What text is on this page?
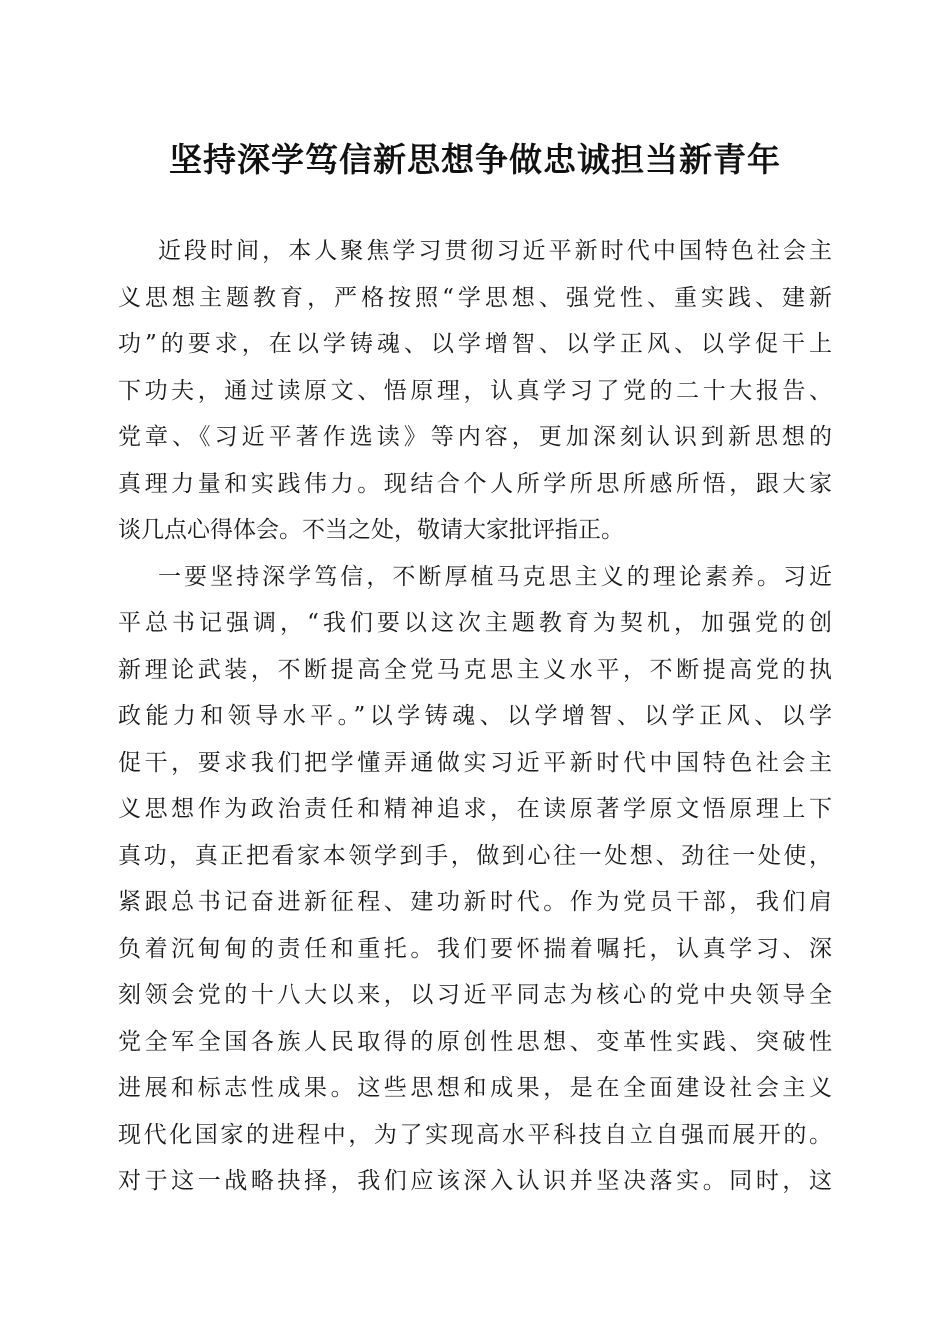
坚持深学笃信新思想争做忠诚担当新青年
近段时间，本人聚焦学习贯彻习近平新时代中国特色社会主
义思想主题教育，严格按照“学思想、强党性、重实践、建新
功”的要求，在以学铸魂、以学增智、以学正风、以学促干上
下功夫，通过读原文、悟原理，认真学习了党的二十大报告、
党章、《习近平著作选读》等内容，更加深刻认识到新思想的
真理力量和实践伟力。现结合个人所学所思所感所悟，跟大家
谈几点心得体会。不当之处，敬请大家批评指正。
一要坚持深学笃信，不断厚植马克思主义的理论素养。习近
平总书记强调，“我们要以这次主题教育为契机，加强党的创
新理论武装，不断提高全党马克思主义水平，不断提高党的执
政能力和领导水平。”以学铸魂、以学增智、以学正风、以学
促干，要求我们把学懂弄通做实习近平新时代中国特色社会主
义思想作为政治责任和精神追求，在读原著学原文悟原理上下
真功，真正把看家本领学到手，做到心往一处想、劲往一处使，
紧跟总书记奋进新征程、建功新时代。作为党员干部，我们肩
负着沉甸甸的责任和重托。我们要怀揣着嘱托，认真学习、深
刻领会党的十八大以来，以习近平同志为核心的党中央领导全
党全军全国各族人民取得的原创性思想、变革性实践、突破性
进展和标志性成果。这些思想和成果，是在全面建设社会主义
现代化国家的进程中，为了实现高水平科技自立自强而展开的。
对于这一战略抉择，我们应该深入认识并坚决落实。同时，这
